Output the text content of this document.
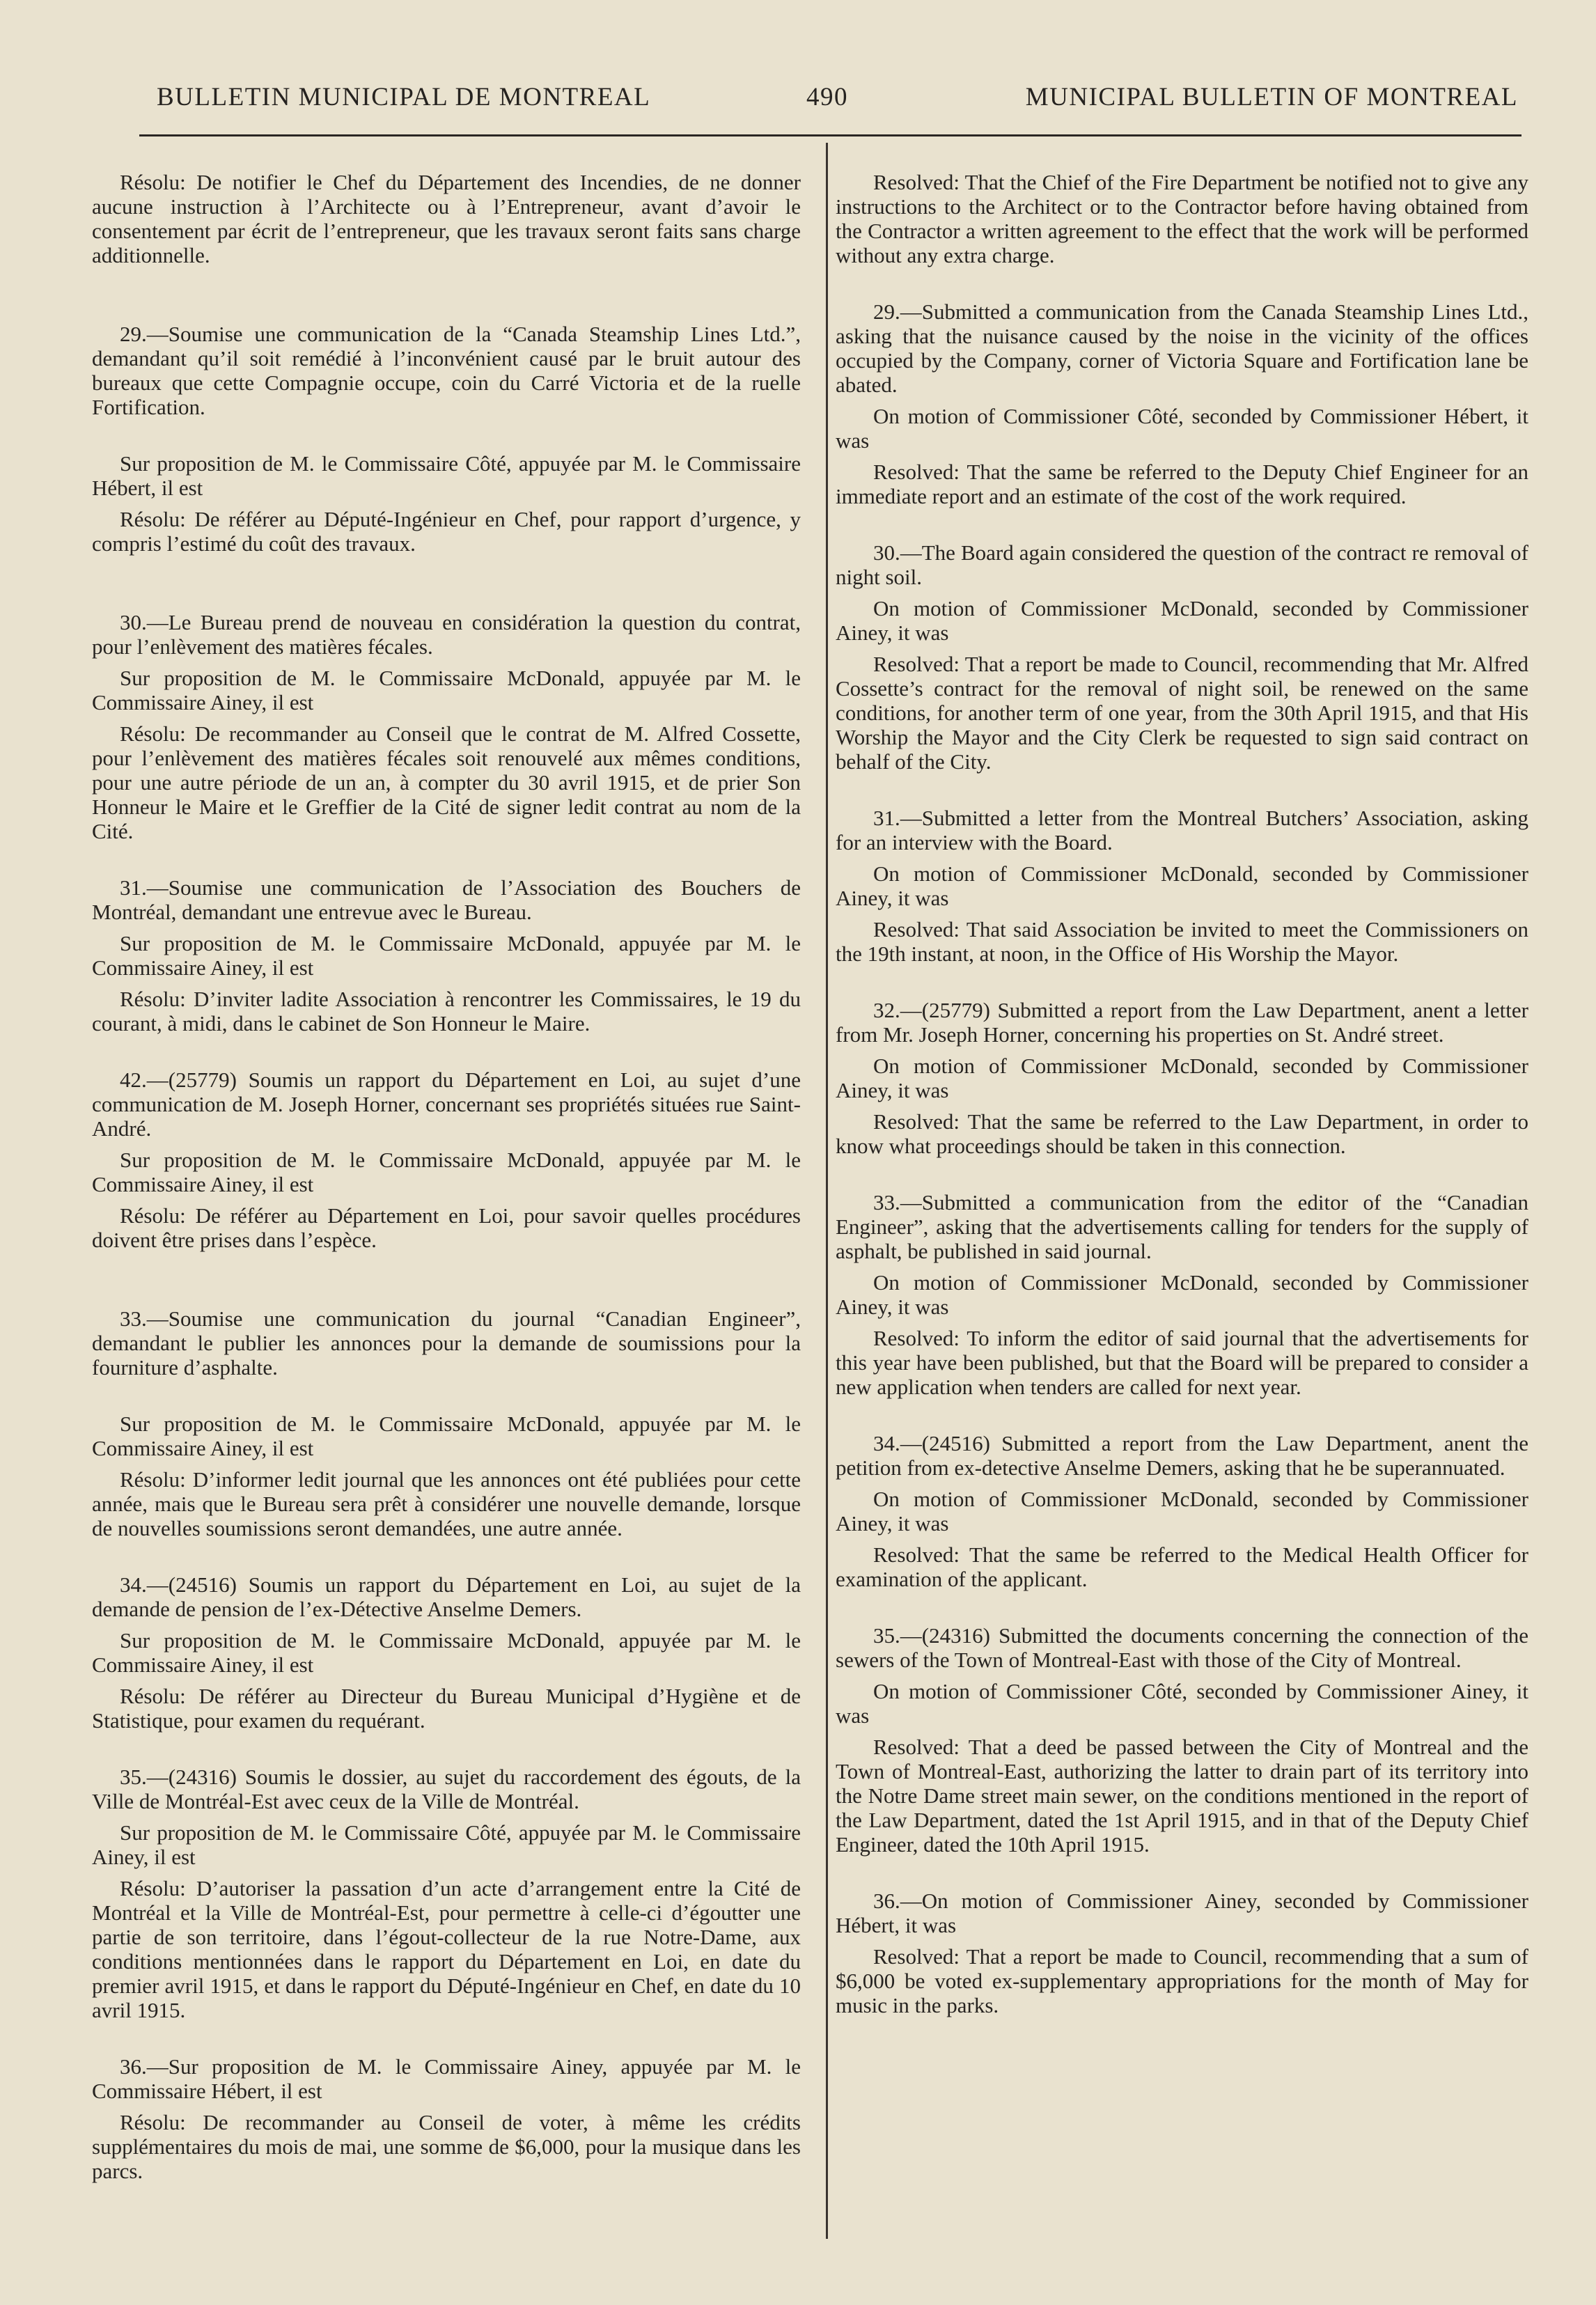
BULLETIN MUNICIPAL DE MONTREAL	490	MUNICIPAL BULLETIN OF MONTREAL

Résolu: De notifier le Chef du Département des Incendies, de ne donner aucune instruction à l’Architecte ou à l’Entrepreneur, avant d’avoir le consentement par écrit de l’entrepreneur, que les travaux seront faits sans charge additionnelle.

29.—Soumise une communication de la “Canada Steamship Lines Ltd.”, demandant qu’il soit remédié à l’inconvénient causé par le bruit autour des bureaux que cette Compagnie occupe, coin du Carré Victoria et de la ruelle Fortification.

Sur proposition de M. le Commissaire Côté, appuyée par M. le Commissaire Hébert, il est

Résolu: De référer au Député-Ingénieur en Chef, pour rapport d’urgence, y compris l’estimé du coût des travaux.

30.—Le Bureau prend de nouveau en considération la question du contrat, pour l’enlèvement des matières fécales.

Sur proposition de M. le Commissaire McDonald, appuyée par M. le Commissaire Ainey, il est

Résolu: De recommander au Conseil que le contrat de M. Alfred Cossette, pour l’enlèvement des matières fécales soit renouvelé aux mêmes conditions, pour une autre période de un an, à compter du 30 avril 1915, et de prier Son Honneur le Maire et le Greffier de la Cité de signer ledit contrat au nom de la Cité.

31.—Soumise une communication de l’Association des Bouchers de Montréal, demandant une entrevue avec le Bureau.

Sur proposition de M. le Commissaire McDonald, appuyée par M. le Commissaire Ainey, il est

Résolu: D’inviter ladite Association à rencontrer les Commissaires, le 19 du courant, à midi, dans le cabinet de Son Honneur le Maire.

42.—(25779) Soumis un rapport du Département en Loi, au sujet d’une communication de M. Joseph Horner, concernant ses propriétés situées rue Saint-André.

Sur proposition de M. le Commissaire McDonald, appuyée par M. le Commissaire Ainey, il est

Résolu: De référer au Département en Loi, pour savoir quelles procédures doivent être prises dans l’espèce.

33.—Soumise une communication du journal “Canadian Engineer”, demandant le publier les annonces pour la demande de soumissions pour la fourniture d’asphalte.

Sur proposition de M. le Commissaire McDonald, appuyée par M. le Commissaire Ainey, il est

Résolu: D’informer ledit journal que les annonces ont été publiées pour cette année, mais que le Bureau sera prêt à considérer une nouvelle demande, lorsque de nouvelles soumissions seront demandées, une autre année.

34.—(24516) Soumis un rapport du Département en Loi, au sujet de la demande de pension de l’ex-Détective Anselme Demers.

Sur proposition de M. le Commissaire McDonald, appuyée par M. le Commissaire Ainey, il est

Résolu: De référer au Directeur du Bureau Municipal d’Hygiène et de Statistique, pour examen du requérant.

35.—(24316) Soumis le dossier, au sujet du raccordement des égouts, de la Ville de Montréal-Est avec ceux de la Ville de Montréal.

Sur proposition de M. le Commissaire Côté, appuyée par M. le Commissaire Ainey, il est

Résolu: D’autoriser la passation d’un acte d’arrangement entre la Cité de Montréal et la Ville de Montréal-Est, pour permettre à celle-ci d’égoutter une partie de son territoire, dans l’égout-collecteur de la rue Notre-Dame, aux conditions mentionnées dans le rapport du Département en Loi, en date du premier avril 1915, et dans le rapport du Député-Ingénieur en Chef, en date du 10 avril 1915.

36.—Sur proposition de M. le Commissaire Ainey, appuyée par M. le Commissaire Hébert, il est

Résolu: De recommander au Conseil de voter, à même les crédits supplémentaires du mois de mai, une somme de $6,000, pour la musique dans les parcs.

Resolved: That the Chief of the Fire Department be notified not to give any instructions to the Architect or to the Contractor before having obtained from the Contractor a written agreement to the effect that the work will be performed without any extra charge.

29.—Submitted a communication from the Canada Steamship Lines Ltd., asking that the nuisance caused by the noise in the vicinity of the offices occupied by the Company, corner of Victoria Square and Fortification lane be abated.

On motion of Commissioner Côté, seconded by Commissioner Hébert, it was

Resolved: That the same be referred to the Deputy Chief Engineer for an immediate report and an estimate of the cost of the work required.

30.—The Board again considered the question of the contract re removal of night soil.

On motion of Commissioner McDonald, seconded by Commissioner Ainey, it was

Resolved: That a report be made to Council, recommending that Mr. Alfred Cossette’s contract for the removal of night soil, be renewed on the same conditions, for another term of one year, from the 30th April 1915, and that His Worship the Mayor and the City Clerk be requested to sign said contract on behalf of the City.

31.—Submitted a letter from the Montreal Butchers’ Association, asking for an interview with the Board.

On motion of Commissioner McDonald, seconded by Commissioner Ainey, it was

Resolved: That said Association be invited to meet the Commissioners on the 19th instant, at noon, in the Office of His Worship the Mayor.

32.—(25779) Submitted a report from the Law Department, anent a letter from Mr. Joseph Horner, concerning his properties on St. André street.

On motion of Commissioner McDonald, seconded by Commissioner Ainey, it was

Resolved: That the same be referred to the Law Department, in order to know what proceedings should be taken in this connection.

33.—Submitted a communication from the editor of the “Canadian Engineer”, asking that the advertisements calling for tenders for the supply of asphalt, be published in said journal.

On motion of Commissioner McDonald, seconded by Commissioner Ainey, it was

Resolved: To inform the editor of said journal that the advertisements for this year have been published, but that the Board will be prepared to consider a new application when tenders are called for next year.

34.—(24516) Submitted a report from the Law Department, anent the petition from ex-detective Anselme Demers, asking that he be superannuated.

On motion of Commissioner McDonald, seconded by Commissioner Ainey, it was

Resolved: That the same be referred to the Medical Health Officer for examination of the applicant.

35.—(24316) Submitted the documents concerning the connection of the sewers of the Town of Montreal-East with those of the City of Montreal.

On motion of Commissioner Côté, seconded by Commissioner Ainey, it was

Resolved: That a deed be passed between the City of Montreal and the Town of Montreal-East, authorizing the latter to drain part of its territory into the Notre Dame street main sewer, on the conditions mentioned in the report of the Law Department, dated the 1st April 1915, and in that of the Deputy Chief Engineer, dated the 10th April 1915.

36.—On motion of Commissioner Ainey, seconded by Commissioner Hébert, it was

Resolved: That a report be made to Council, recommending that a sum of $6,000 be voted ex-supplementary appropriations for the month of May for music in the parks.
